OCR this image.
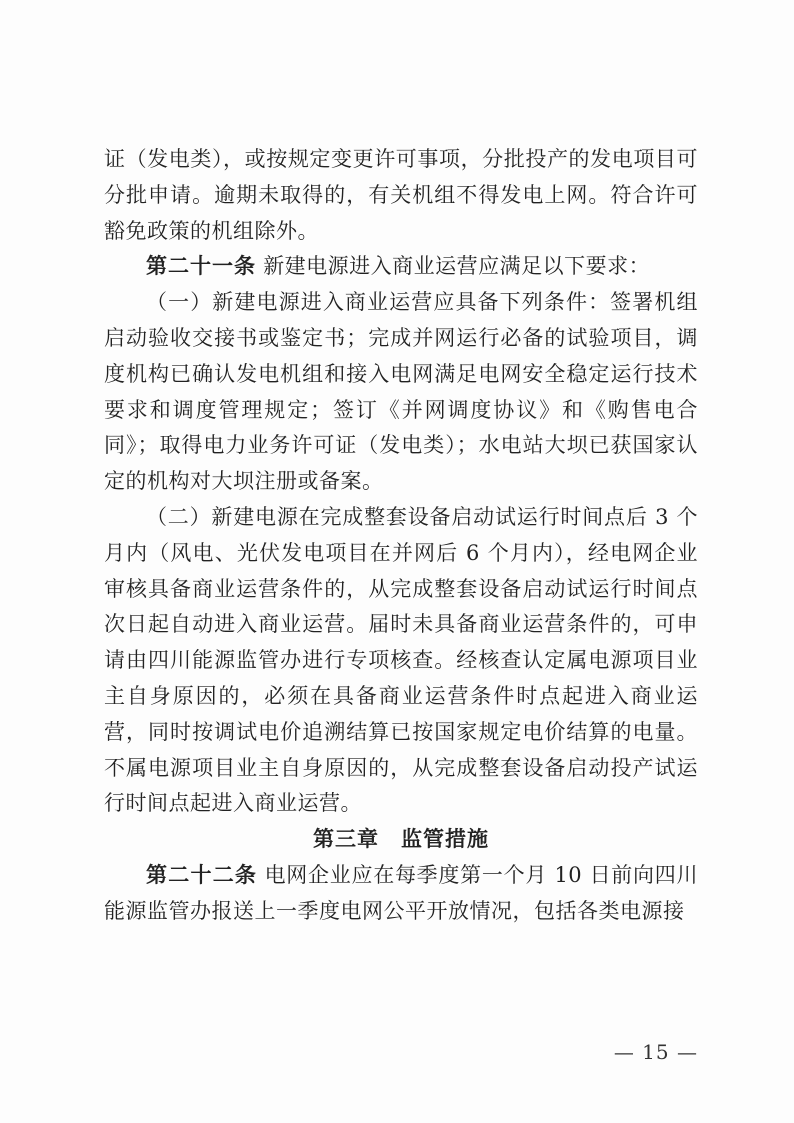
证（发电类），或按规定变更许可事项，分批投产的发电项目可分批申请。逾期未取得的，有关机组不得发电上网。符合许可豁免政策的机组除外。

第二十一条 新建电源进入商业运营应满足以下要求：

（一）新建电源进入商业运营应具备下列条件：签署机组启动验收交接书或鉴定书；完成并网运行必备的试验项目，调度机构已确认发电机组和接入电网满足电网安全稳定运行技术要求和调度管理规定；签订《并网调度协议》和《购售电合同》；取得电力业务许可证（发电类）；水电站大坝已获国家认定的机构对大坝注册或备案。

（二）新建电源在完成整套设备启动试运行时间点后 3 个月内（风电、光伏发电项目在并网后 6 个月内），经电网企业审核具备商业运营条件的，从完成整套设备启动试运行时间点次日起自动进入商业运营。届时未具备商业运营条件的，可申请由四川能源监管办进行专项核查。经核查认定属电源项目业主自身原因的，必须在具备商业运营条件时点起进入商业运营，同时按调试电价追溯结算已按国家规定电价结算的电量。不属电源项目业主自身原因的，从完成整套设备启动投产试运行时间点起进入商业运营。

第三章　监管措施

第二十二条 电网企业应在每季度第一个月 10 日前向四川能源监管办报送上一季度电网公平开放情况，包括各类电源接

— 15 —
